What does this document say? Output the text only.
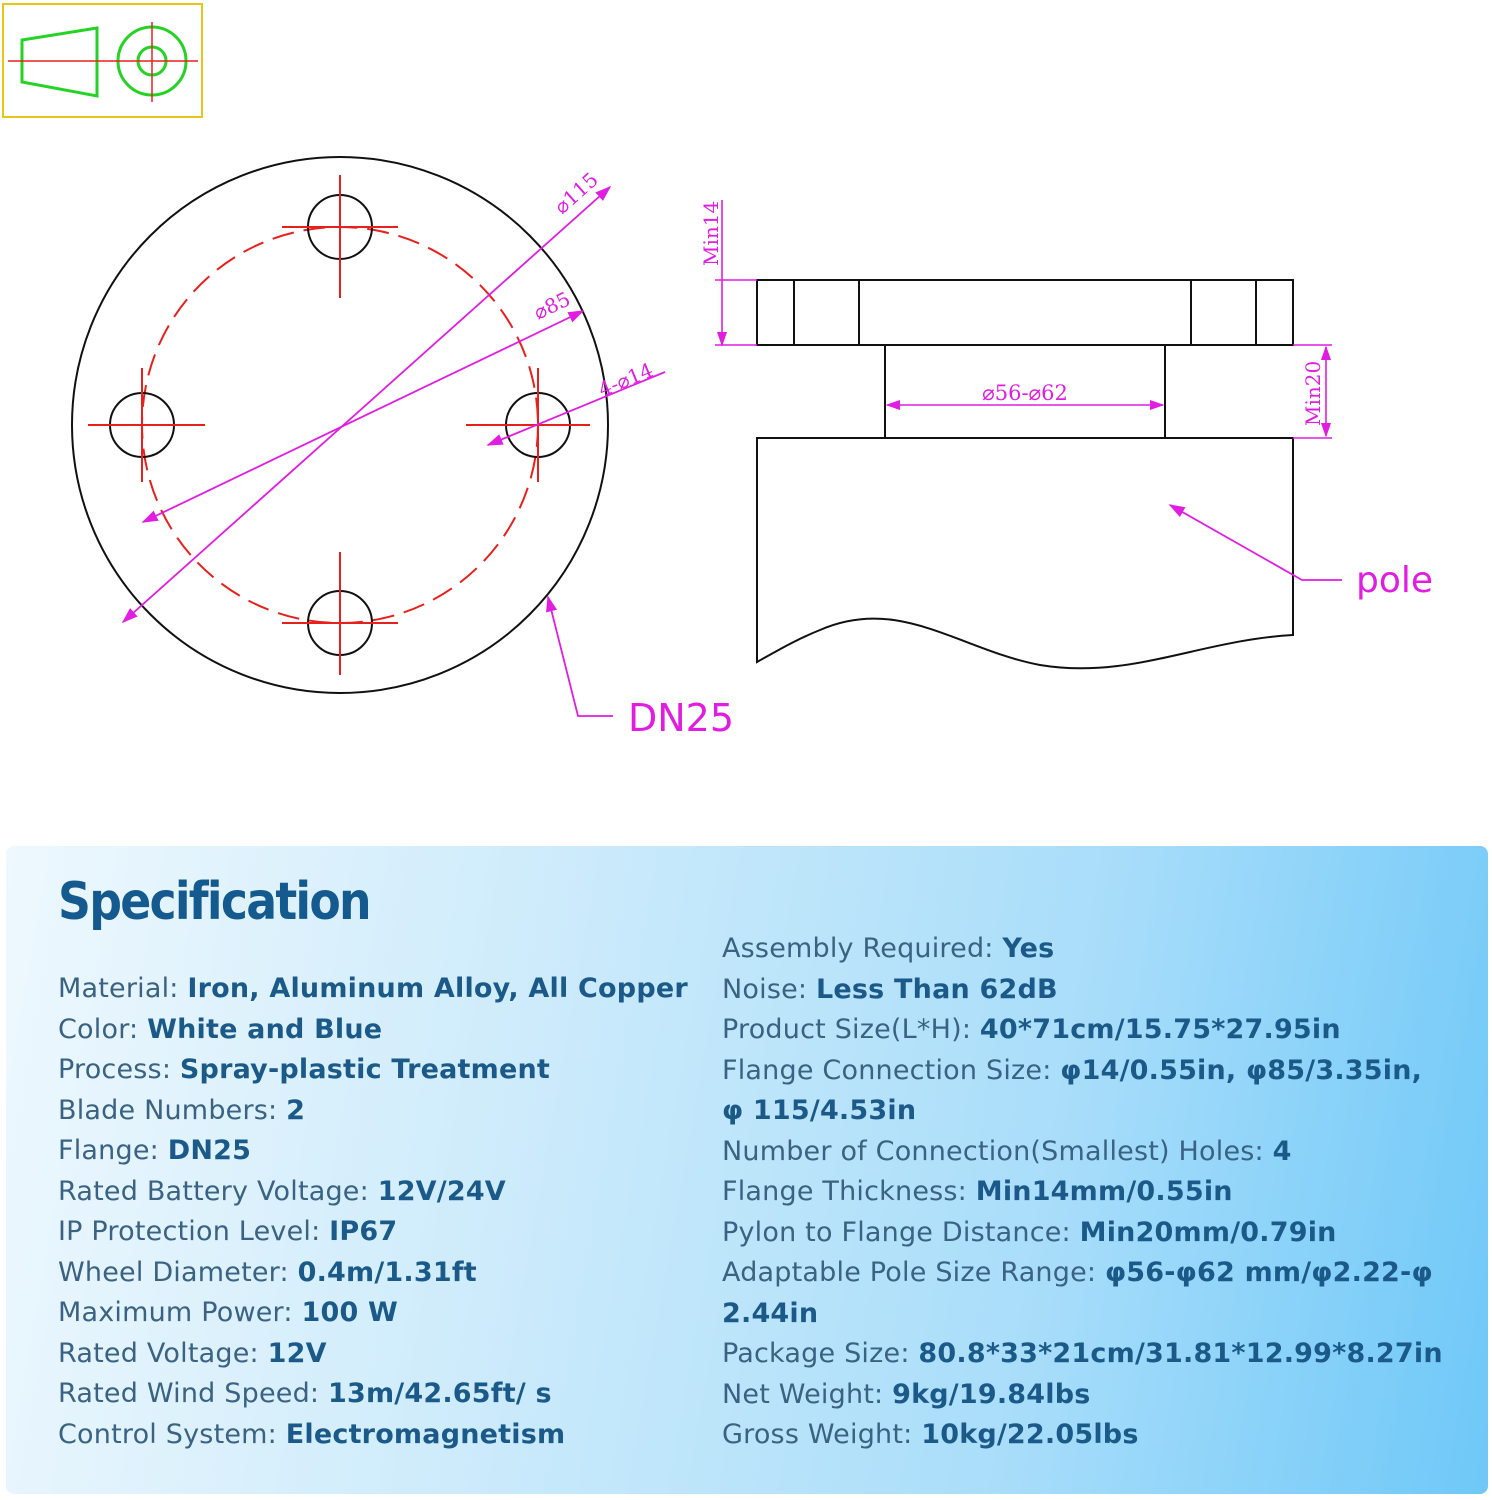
⌀115
⌀85
4-⌀14
DN25
Min14
Min20
⌀56-⌀62
pole
Specification
Material: Iron, Aluminum Alloy, All Copper
Color: White and Blue
Process: Spray-plastic Treatment
Blade Numbers: 2
Flange: DN25
Rated Battery Voltage: 12V/24V
IP Protection Level: IP67
Wheel Diameter: 0.4m/1.31ft
Maximum Power: 100 W
Rated Voltage: 12V
Rated Wind Speed: 13m/42.65ft/ s
Control System: Electromagnetism
Assembly Required: Yes
Noise: Less Than 62dB
Product Size(L*H): 40*71cm/15.75*27.95in
Flange Connection Size: φ14/0.55in, φ85/3.35in, φ 115/4.53in
Number of Connection(Smallest) Holes: 4
Flange Thickness: Min14mm/0.55in
Pylon to Flange Distance: Min20mm/0.79in
Adaptable Pole Size Range: φ56-φ62 mm/φ2.22-φ 2.44in
Package Size: 80.8*33*21cm/31.81*12.99*8.27in
Net Weight: 9kg/19.84lbs
Gross Weight: 10kg/22.05lbs
